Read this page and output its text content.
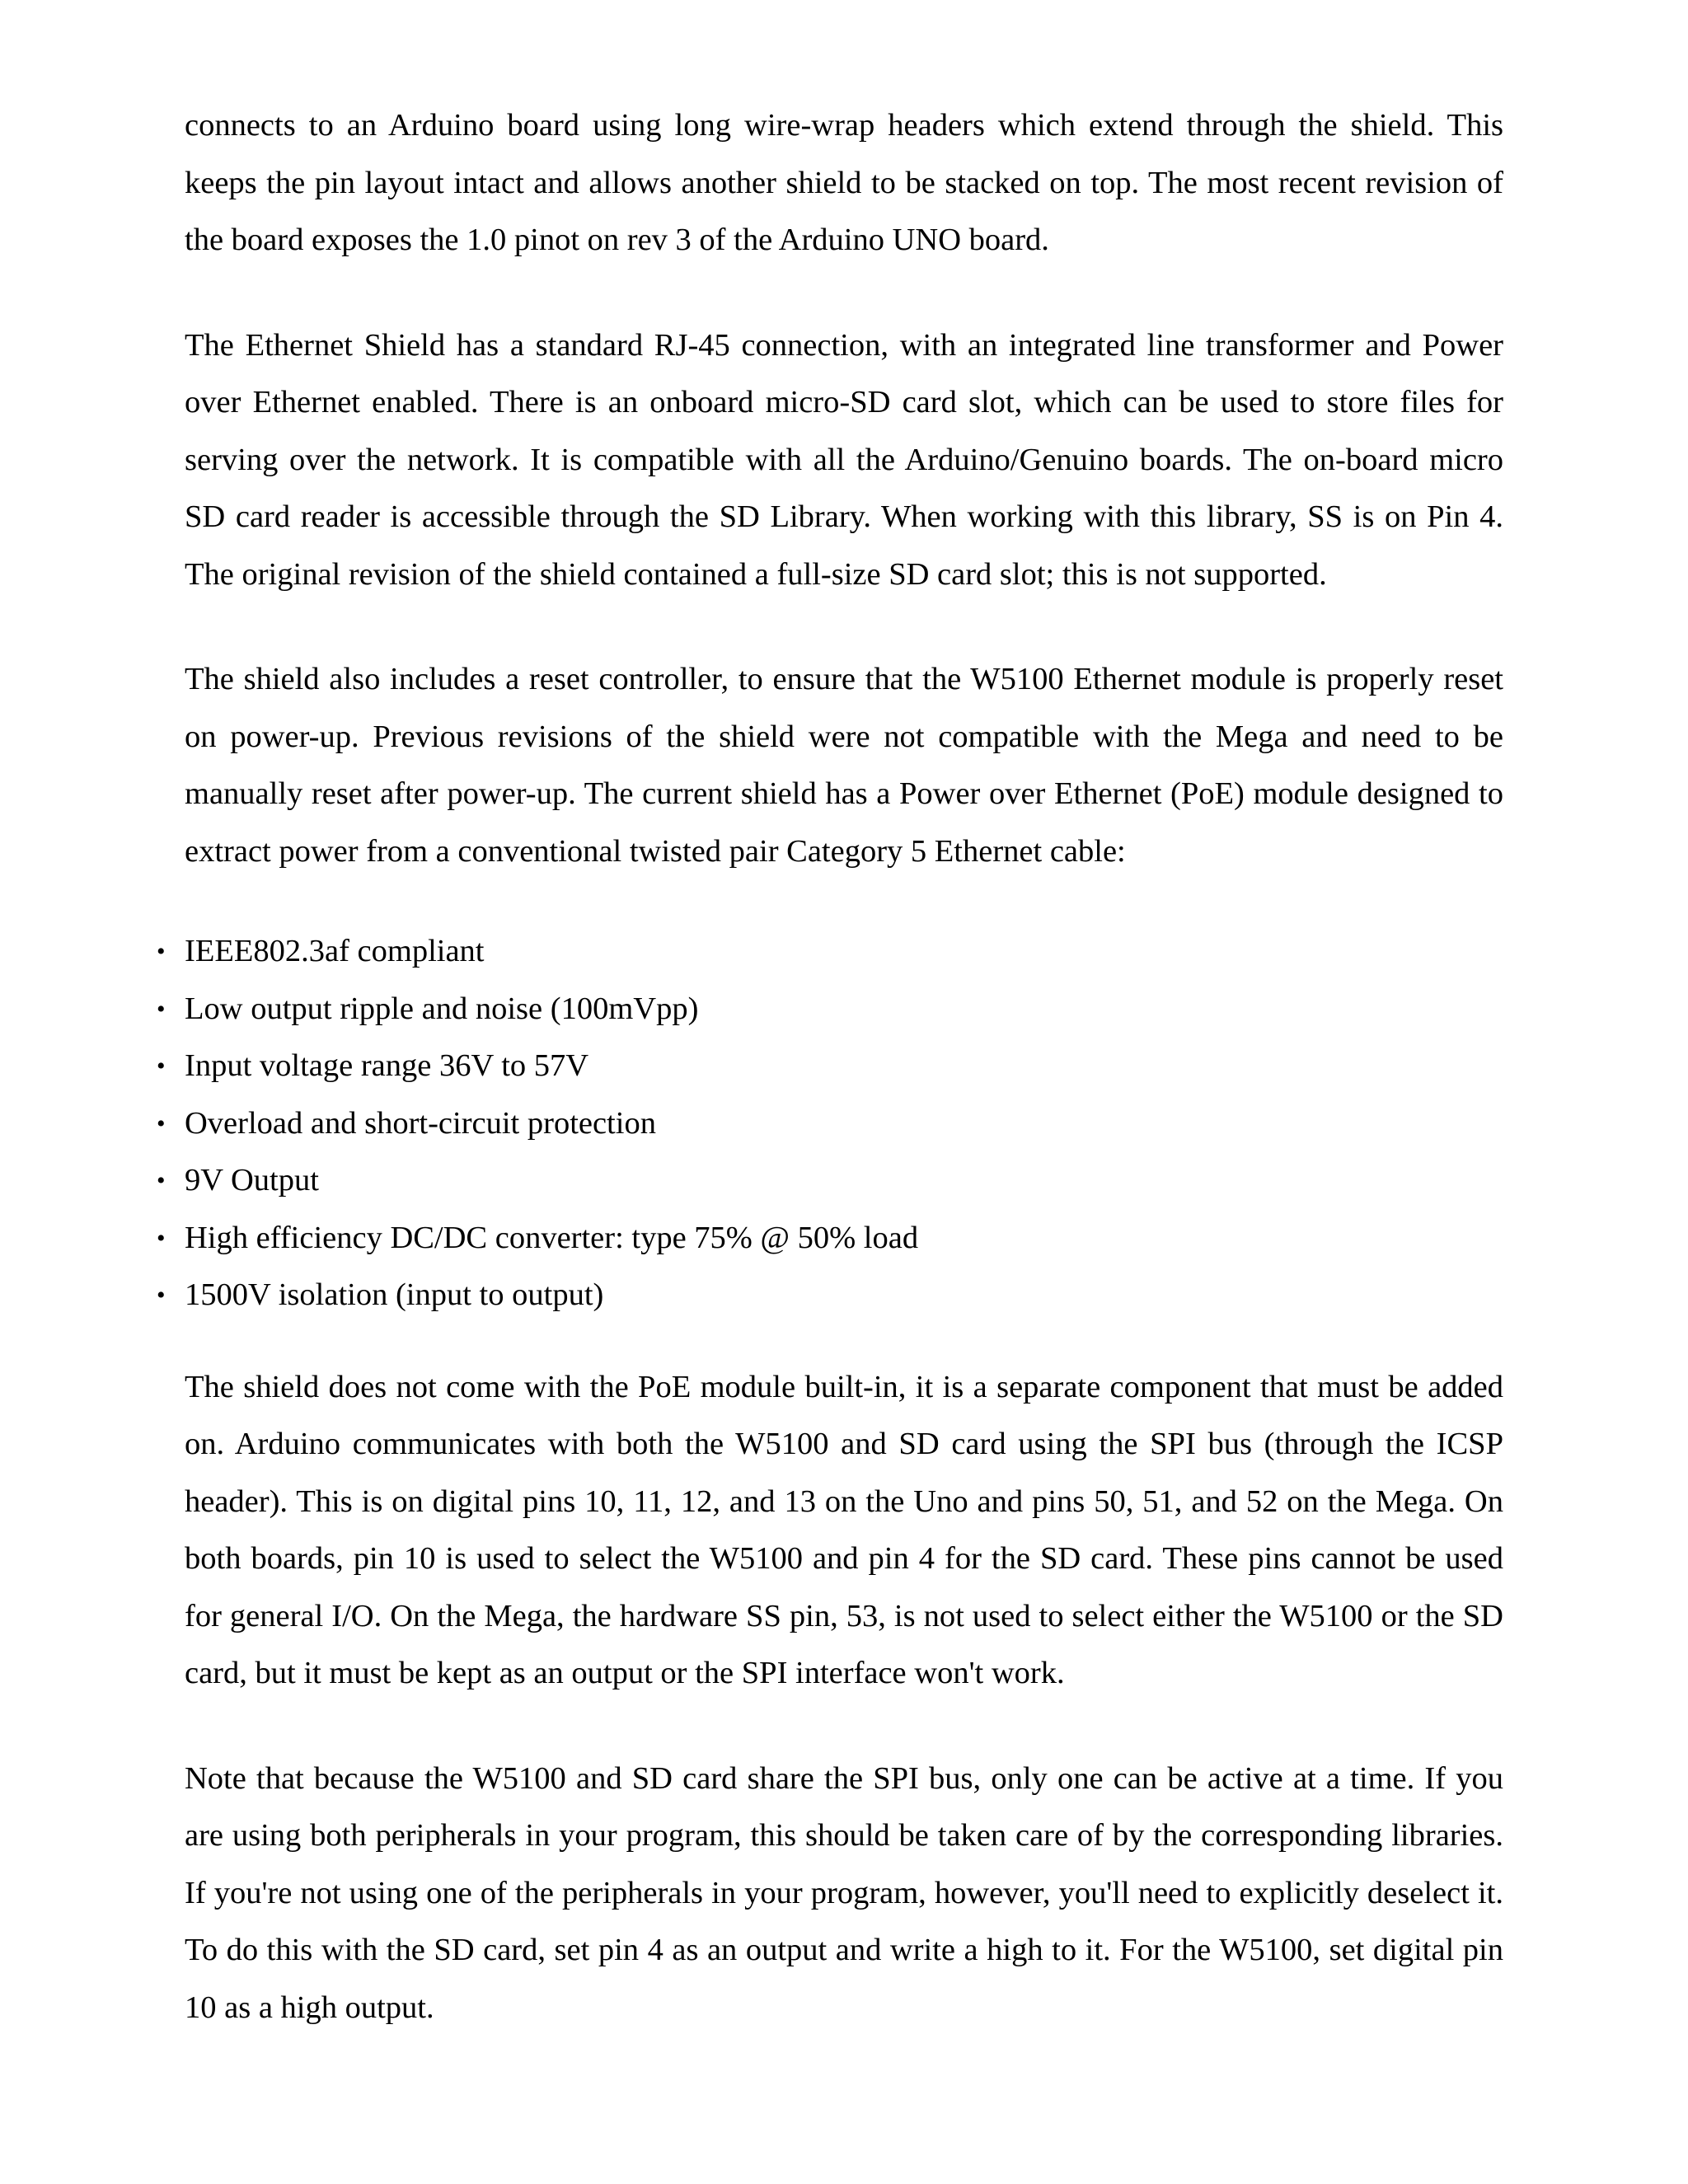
connects to an Arduino board using long wire-wrap headers which extend through the shield. This keeps the pin layout intact and allows another shield to be stacked on top. The most recent revision of the board exposes the 1.0 pinot on rev 3 of the Arduino UNO board.

The Ethernet Shield has a standard RJ-45 connection, with an integrated line transformer and Power over Ethernet enabled. There is an onboard micro-SD card slot, which can be used to store files for serving over the network. It is compatible with all the Arduino/Genuino boards. The on-board micro SD card reader is accessible through the SD Library. When working with this library, SS is on Pin 4. The original revision of the shield contained a full-size SD card slot; this is not supported.

The shield also includes a reset controller, to ensure that the W5100 Ethernet module is properly reset on power-up. Previous revisions of the shield were not compatible with the Mega and need to be manually reset after power-up. The current shield has a Power over Ethernet (PoE) module designed to extract power from a conventional twisted pair Category 5 Ethernet cable:

• IEEE802.3af compliant
• Low output ripple and noise (100mVpp)
• Input voltage range 36V to 57V
• Overload and short-circuit protection
• 9V Output
• High efficiency DC/DC converter: type 75% @ 50% load
• 1500V isolation (input to output)

The shield does not come with the PoE module built-in, it is a separate component that must be added on. Arduino communicates with both the W5100 and SD card using the SPI bus (through the ICSP header). This is on digital pins 10, 11, 12, and 13 on the Uno and pins 50, 51, and 52 on the Mega. On both boards, pin 10 is used to select the W5100 and pin 4 for the SD card. These pins cannot be used for general I/O. On the Mega, the hardware SS pin, 53, is not used to select either the W5100 or the SD card, but it must be kept as an output or the SPI interface won't work.

Note that because the W5100 and SD card share the SPI bus, only one can be active at a time. If you are using both peripherals in your program, this should be taken care of by the corresponding libraries. If you're not using one of the peripherals in your program, however, you'll need to explicitly deselect it. To do this with the SD card, set pin 4 as an output and write a high to it. For the W5100, set digital pin 10 as a high output.
